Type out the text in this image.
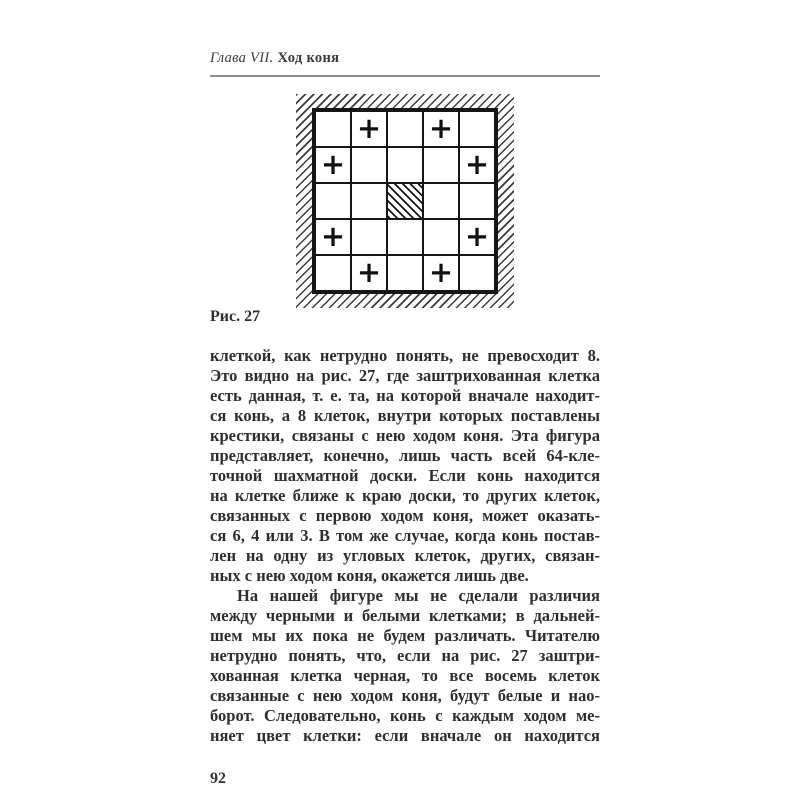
Глава VII. Ход коня
+ +
+	+
+	+
+ +
Рис. 27
клеткой, как нетрудно понять, не превосходит 8.
Это видно на рис. 27, где заштрихованная клетка
есть данная, т. е. та, на которой вначале находит-
ся конь, а 8 клеток, внутри которых поставлены
крестики, связаны с нею ходом коня. Эта фигура
представляет, конечно, лишь часть всей 64-кле-
точной шахматной доски. Если конь находится
на клетке ближе к краю доски, то других клеток,
связанных с первою ходом коня, может оказать-
ся 6, 4 или 3. В том же случае, когда конь постав-
лен на одну из угловых клеток, других, связан-
ных с нею ходом коня, окажется лишь две.
На нашей фигуре мы не сделали различия
между черными и белыми клетками; в дальней-
шем мы их пока не будем различать. Читателю
нетрудно понять, что, если на рис. 27 заштри-
хованная клетка черная, то все восемь клеток
связанные с нею ходом коня, будут белые и нао-
борот. Следовательно, конь с каждым ходом ме-
няет цвет клетки: если вначале он находится
92
